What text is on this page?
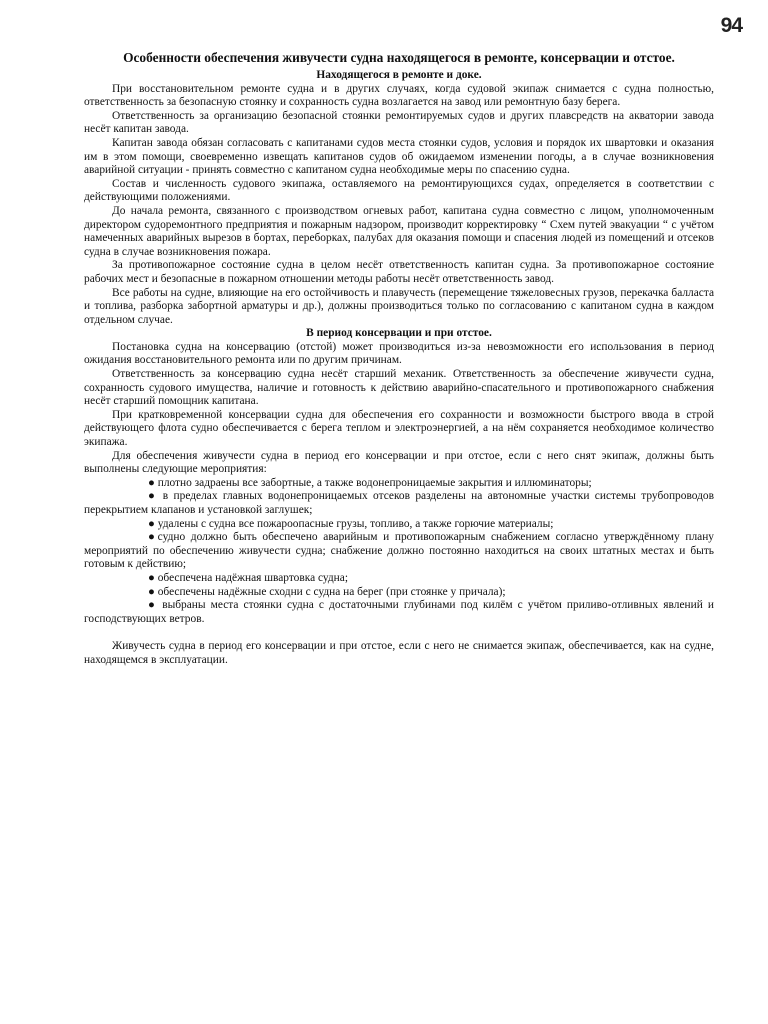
94
Особенности обеспечения живучести судна находящегося в ремонте, консервации и отстое.
Находящегося в ремонте и доке.

При восстановительном ремонте судна и в других случаях, когда судовой экипаж снимается с судна полностью, ответственность за безопасную стоянку и сохранность судна возлагается на завод или ремонтную базу берега.

Ответственность за организацию безопасной стоянки ремонтируемых судов и других плавсредств на акватории завода несёт капитан завода.

Капитан завода обязан согласовать с капитанами судов места стоянки судов, условия и порядок их швартовки и оказания им в этом помощи, своевременно извещать капитанов судов об ожидаемом изменении погоды, а в случае возникновения аварийной ситуации - принять совместно с капитаном судна необходимые меры по спасению судна.

Состав и численность судового экипажа, оставляемого на ремонтирующихся судах, определяется в соответствии с действующими положениями.

До начала ремонта, связанного с производством огневых работ, капитана судна совместно с лицом, уполномоченным директором судоремонтного предприятия и пожарным надзором, производит корректировку “ Схем путей эвакуации “ с учётом намеченных аварийных вырезов в бортах, переборках, палубах для оказания помощи и спасения людей из помещений и отсеков судна в случае возникновения пожара.

За противопожарное состояние судна в целом несёт ответственность капитан судна. За противопожарное состояние рабочих мест и безопасные в пожарном отношении методы работы несёт ответственность завод.

Все работы на судне, влияющие на его остойчивость и плавучесть (перемещение тяжеловесных грузов, перекачка балласта и топлива, разборка забортной арматуры и др.), должны производиться только по согласованию с капитаном судна в каждом отдельном случае.

В период консервации и при отстое.

Постановка судна на консервацию (отстой) может производиться из-за невозможности его использования в период ожидания восстановительного ремонта или по другим причинам.

Ответственность за консервацию судна несёт старший механик. Ответственность за обеспечение живучести судна, сохранность судового имущества, наличие и готовность к действию аварийно-спасательного и противопожарного снабжения несёт старший помощник капитана.

При кратковременной консервации судна для обеспечения его сохранности и возможности быстрого ввода в строй действующего флота судно обеспечивается с берега теплом и электроэнергией, а на нём сохраняется необходимое количество экипажа.

Для обеспечения живучести судна в период его консервации и при отстое, если с него снят экипаж, должны быть выполнены следующие мероприятия:

● плотно задраены все забортные, а также водонепроницаемые закрытия и иллюминаторы;

● в пределах главных водонепроницаемых отсеков разделены на автономные участки системы трубопроводов перекрытием клапанов и установкой заглушек;

● удалены с судна все пожароопасные грузы, топливо, а также горючие материалы;

●судно должно быть обеспечено аварийным и противопожарным снабжением согласно утверждённому плану мероприятий по обеспечению живучести судна; снабжение должно постоянно находиться на своих штатных местах и быть готовым к действию;

● обеспечена надёжная швартовка судна;

● обеспечены надёжные сходни с судна на берег (при стоянке у причала);

● выбраны места стоянки судна с достаточными глубинами под килём с учётом приливо-отливных явлений и господствующих ветров.

Живучесть судна в период его консервации и при отстое, если с него не снимается экипаж, обеспечивается, как на судне, находящемся в эксплуатации.
